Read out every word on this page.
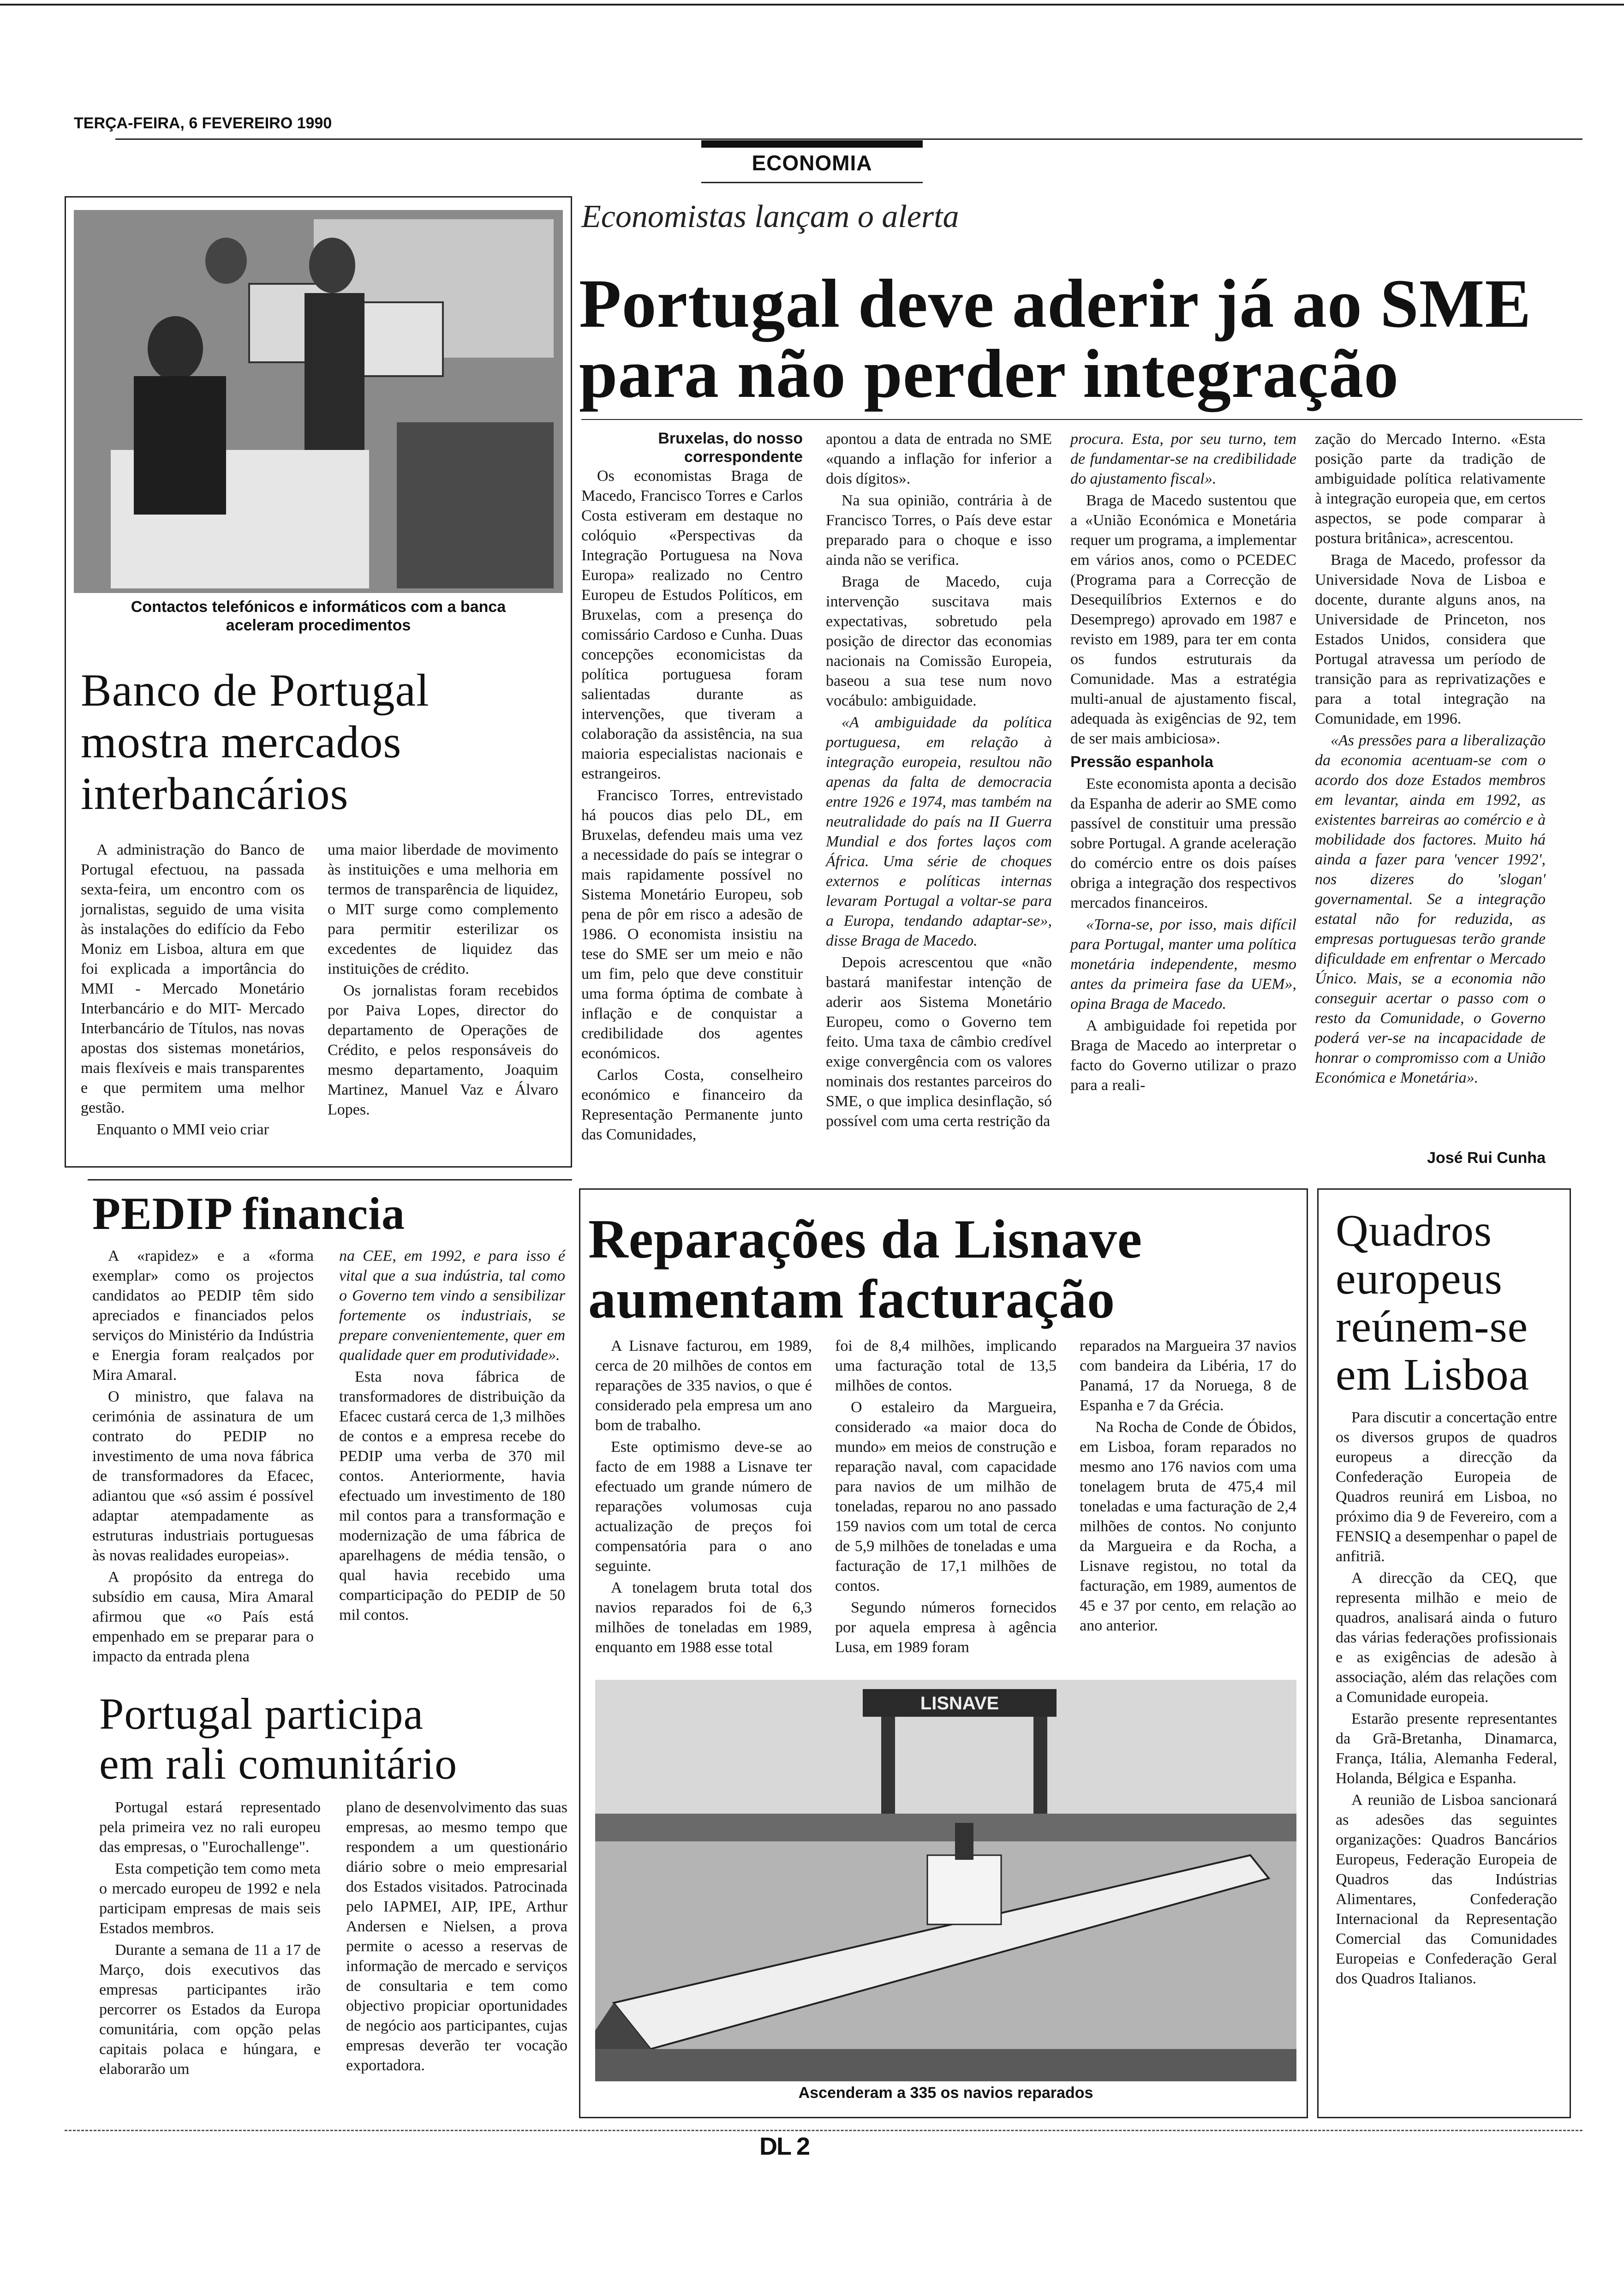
TERÇA-FEIRA, 6 FEVEREIRO 1990
ECONOMIA
Economistas lançam o alerta
Portugal deve aderir já ao SME
para não perder integração
Bruxelas, do nosso
correspondente

Os economistas Braga de Macedo, Francisco Torres e Carlos Costa estiveram em destaque no colóquio «Perspectivas da Integração Portuguesa na Nova Europa» realizado no Centro Europeu de Estudos Políticos, em Bruxelas, com a presença do comissário Cardoso e Cunha. Duas concepções economicistas da política portuguesa foram salientadas durante as intervenções, que tiveram a colaboração da assistência, na sua maioria especialistas nacionais e estrangeiros.

Francisco Torres, entrevistado há poucos dias pelo DL, em Bruxelas, defendeu mais uma vez a necessidade do país se integrar o mais rapidamente possível no Sistema Monetário Europeu, sob pena de pôr em risco a adesão de 1986. O economista insistiu na tese do SME ser um meio e não um fim, pelo que deve constituir uma forma óptima de combate à inflação e de conquistar a credibilidade dos agentes económicos.

Carlos Costa, conselheiro económico e financeiro da Representação Permanente junto das Comunidades,

apontou a data de entrada no SME «quando a inflação for inferior a dois dígitos».

Na sua opinião, contrária à de Francisco Torres, o País deve estar preparado para o choque e isso ainda não se verifica.

Braga de Macedo, cuja intervenção suscitava mais expectativas, sobretudo pela posição de director das economias nacionais na Comissão Europeia, baseou a sua tese num novo vocábulo: ambiguidade.

«A ambiguidade da política portuguesa, em relação à integração europeia, resultou não apenas da falta de democracia entre 1926 e 1974, mas também na neutralidade do país na II Guerra Mundial e dos fortes laços com África. Uma série de choques externos e políticas internas levaram Portugal a voltar-se para a Europa, tendando adaptar-se», disse Braga de Macedo.

Depois acrescentou que «não bastará manifestar intenção de aderir aos Sistema Monetário Europeu, como o Governo tem feito. Uma taxa de câmbio credível exige convergência com os valores nominais dos restantes parceiros do SME, o que implica desinflação, só possível com uma certa restrição da

procura. Esta, por seu turno, tem de fundamentar-se na credibilidade do ajustamento fiscal».

Braga de Macedo sustentou que a «União Económica e Monetária requer um programa, a implementar em vários anos, como o PCEDEC (Programa para a Correcção de Desequilíbrios Externos e do Desemprego) aprovado em 1987 e revisto em 1989, para ter em conta os fundos estruturais da Comunidade. Mas a estratégia multi-anual de ajustamento fiscal, adequada às exigências de 92, tem de ser mais ambiciosa».

Pressão espanhola

Este economista aponta a decisão da Espanha de aderir ao SME como passível de constituir uma pressão sobre Portugal. A grande aceleração do comércio entre os dois países obriga a integração dos respectivos mercados financeiros.

«Torna-se, por isso, mais difícil para Portugal, manter uma política monetária independente, mesmo antes da primeira fase da UEM», opina Braga de Macedo.

A ambiguidade foi repetida por Braga de Macedo ao interpretar o facto do Governo utilizar o prazo para a reali-

zação do Mercado Interno. «Esta posição parte da tradição de ambiguidade política relativamente à integração europeia que, em certos aspectos, se pode comparar à postura britânica», acrescentou.

Braga de Macedo, professor da Universidade Nova de Lisboa e docente, durante alguns anos, na Universidade de Princeton, nos Estados Unidos, considera que Portugal atravessa um período de transição para as reprivatizações e para a total integração na Comunidade, em 1996.

«As pressões para a liberalização da economia acentuam-se com o acordo dos doze Estados membros em levantar, ainda em 1992, as existentes barreiras ao comércio e à mobilidade dos factores. Muito há ainda a fazer para 'vencer 1992', nos dizeres do 'slogan' governamental. Se a integração estatal não for reduzida, as empresas portuguesas terão grande dificuldade em enfrentar o Mercado Único. Mais, se a economia não conseguir acertar o passo com o resto da Comunidade, o Governo poderá ver-se na incapacidade de honrar o compromisso com a União Económica e Monetária».

José Rui Cunha
Contactos telefónicos e informáticos com a banca
aceleram procedimentos
Banco de Portugal
mostra mercados
interbancários

A administração do Banco de Portugal efectuou, na passada sexta-feira, um encontro com os jornalistas, seguido de uma visita às instalações do edifício da Febo Moniz em Lisboa, altura em que foi explicada a importância do MMI - Mercado Monetário Interbancário e do MIT- Mercado Interbancário de Títulos, nas novas apostas dos sistemas monetários, mais flexíveis e mais transparentes e que permitem uma melhor gestão.

Enquanto o MMI veio criar

uma maior liberdade de movimento às instituições e uma melhoria em termos de transparência de liquidez, o MIT surge como complemento para permitir esterilizar os excedentes de liquidez das instituições de crédito.

Os jornalistas foram recebidos por Paiva Lopes, director do departamento de Operações de Crédito, e pelos responsáveis do mesmo departamento, Joaquim Martinez, Manuel Vaz e Álvaro Lopes.

PEDIP financia

A «rapidez» e a «forma exemplar» como os projectos candidatos ao PEDIP têm sido apreciados e financiados pelos serviços do Ministério da Indústria e Energia foram realçados por Mira Amaral.

O ministro, que falava na cerimónia de assinatura de um contrato do PEDIP no investimento de uma nova fábrica de transformadores da Efacec, adiantou que «só assim é possível adaptar atempadamente as estruturas industriais portuguesas às novas realidades europeias».

A propósito da entrega do subsídio em causa, Mira Amaral afirmou que «o País está empenhado em se preparar para o impacto da entrada plena

na CEE, em 1992, e para isso é vital que a sua indústria, tal como o Governo tem vindo a sensibilizar fortemente os industriais, se prepare convenientemente, quer em qualidade quer em produtividade».

Esta nova fábrica de transformadores de distribuição da Efacec custará cerca de 1,3 milhões de contos e a empresa recebe do PEDIP uma verba de 370 mil contos. Anteriormente, havia efectuado um investimento de 180 mil contos para a transformação e modernização de uma fábrica de aparelhagens de média tensão, o qual havia recebido uma comparticipação do PEDIP de 50 mil contos.

Portugal participa
em rali comunitário

Portugal estará representado pela primeira vez no rali europeu das empresas, o "Eurochallenge".

Esta competição tem como meta o mercado europeu de 1992 e nela participam empresas de mais seis Estados membros.

Durante a semana de 11 a 17 de Março, dois executivos das empresas participantes irão percorrer os Estados da Europa comunitária, com opção pelas capitais polaca e húngara, e elaborarão um

plano de desenvolvimento das suas empresas, ao mesmo tempo que respondem a um questionário diário sobre o meio empresarial dos Estados visitados. Patrocinada pelo IAPMEI, AIP, IPE, Arthur Andersen e Nielsen, a prova permite o acesso a reservas de informação de mercado e serviços de consultaria e tem como objectivo propiciar oportunidades de negócio aos participantes, cujas empresas deverão ter vocação exportadora.

Reparações da Lisnave
aumentam facturação

A Lisnave facturou, em 1989, cerca de 20 milhões de contos em reparações de 335 navios, o que é considerado pela empresa um ano bom de trabalho.

Este optimismo deve-se ao facto de em 1988 a Lisnave ter efectuado um grande número de reparações volumosas cuja actualização de preços foi compensatória para o ano seguinte.

A tonelagem bruta total dos navios reparados foi de 6,3 milhões de toneladas em 1989, enquanto em 1988 esse total

foi de 8,4 milhões, implicando uma facturação total de 13,5 milhões de contos.

O estaleiro da Margueira, considerado «a maior doca do mundo» em meios de construção e reparação naval, com capacidade para navios de um milhão de toneladas, reparou no ano passado 159 navios com um total de cerca de 5,9 milhões de toneladas e uma facturação de 17,1 milhões de contos.

Segundo números fornecidos por aquela empresa à agência Lusa, em 1989 foram

reparados na Margueira 37 navios com bandeira da Libéria, 17 do Panamá, 17 da Noruega, 8 de Espanha e 7 da Grécia.

Na Rocha de Conde de Óbidos, em Lisboa, foram reparados no mesmo ano 176 navios com uma tonelagem bruta de 475,4 mil toneladas e uma facturação de 2,4 milhões de contos. No conjunto da Margueira e da Rocha, a Lisnave registou, no total da facturação, em 1989, aumentos de 45 e 37 por cento, em relação ao ano anterior.

LISNAVE
Ascenderam a 335 os navios reparados
Quadros
europeus
reúnem-se
em Lisboa

Para discutir a concertação entre os diversos grupos de quadros europeus a direcção da Confederação Europeia de Quadros reunirá em Lisboa, no próximo dia 9 de Fevereiro, com a FENSIQ a desempenhar o papel de anfitriã.

A direcção da CEQ, que representa milhão e meio de quadros, analisará ainda o futuro das várias federações profissionais e as exigências de adesão à associação, além das relações com a Comunidade europeia.

Estarão presente representantes da Grã-Bretanha, Dinamarca, França, Itália, Alemanha Federal, Holanda, Bélgica e Espanha.

A reunião de Lisboa sancionará as adesões das seguintes organizações: Quadros Bancários Europeus, Federação Europeia de Quadros das Indústrias Alimentares, Confederação Internacional da Representação Comercial das Comunidades Europeias e Confederação Geral dos Quadros Italianos.

DL 2
